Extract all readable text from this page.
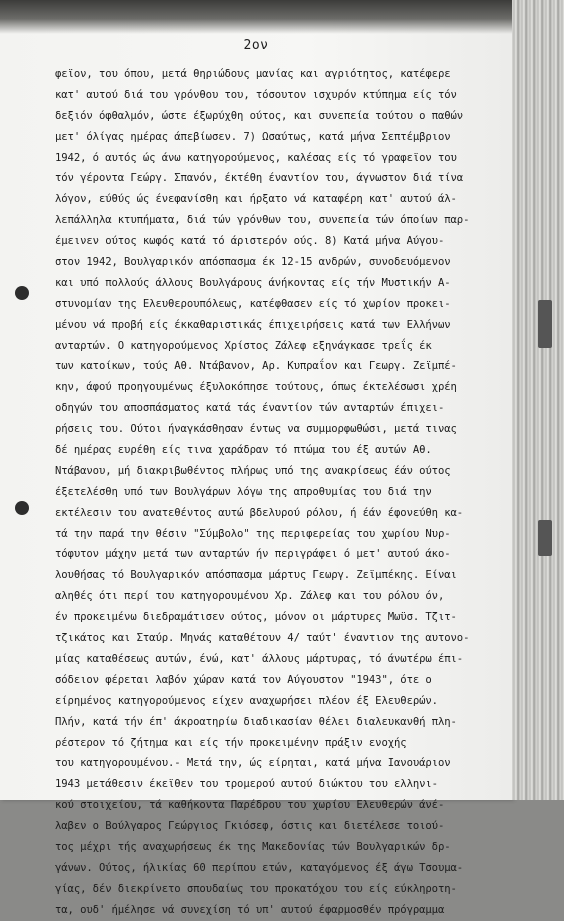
2ον
φεϊον, του όπου, μετά θηριώδους μανίας και αγριότητος, κατέφερε
κατ' αυτού διά του γρόνθου του, τόσουτον ισχυρόν κτύπημα είς τόν
δεξιόν όφθαλμόν, ώστε έξωρύχθη ούτος, και συνεπεία τούτου ο παθών
μετ' όλίγας ημέρας άπεβίωσεν. 7) Ωσαύτως, κατά μήνα Σεπτέμβριον
1942, ό αυτός ώς άνω κατηγορούμενος, καλέσας είς τό γραφεϊον του
τόν γέροντα Γεώργ. Σπανόν, έκτέθη έναντίον του, άγνωστον διά τίνα
λόγον, εύθύς ώς ένεφανίσθη και ήρξατο νά καταφέρη κατ' αυτού άλ-
λεπάλληλα κτυπήματα, διά τών γρόνθων του, συνεπεία τών όποίων παρ-
έμεινεν ούτος κωφός κατά τό άριστερόν ούς. 8) Κατά μήνα Αύγου-
στον 1942, Βουλγαρικόν απόσπασμα έκ 12-15 ανδρών, συνοδευόμενον
και υπό πολλούς άλλους Βουλγάρους άνήκοντας είς τήν Μυστικήν Α-
στυνομίαν της Ελευθερουπόλεως, κατέφθασεν είς τό χωρίον προκει-
μένου νά προβή είς έκκαθαριστικάς έπιχειρήσεις κατά των Ελλήνων
ανταρτών. Ο κατηγορούμενος Χρίστος Ζάλεφ εξηνάγκασε τρεΐς έκ
των κατοίκων, τούς Αθ. Ντάβανον, Αρ. Κυπραΐον και Γεωργ. Ζεϊμπέ-
κην, άφού προηγουμένως έξυλοκόπησε τούτους, όπως έκτελέσωσι χρέη
οδηγών του αποσπάσματος κατά τάς έναντίον τών ανταρτών έπιχει-
ρήσεις του. Ούτοι ήναγκάσθησαν έντως να συμμορφωθώσι, μετά τινας
δέ ημέρας ευρέθη είς τινα χαράδραν τό πτώμα του έξ αυτών Αθ.
Ντάβανου, μή διακριβωθέντος πλήρως υπό της ανακρίσεως έάν ούτος
έξετελέσθη υπό των Βουλγάρων λόγω της απροθυμίας του διά την
εκτέλεσιν του ανατεθέντος αυτώ βδελυρού ρόλου, ή έάν έφονεύθη κα-
τά την παρά την θέσιν "Σύμβολο" της περιφερείας του χωρίου Νυρ-
τόφυτον μάχην μετά των ανταρτών ήν περιγράφει ό μετ' αυτού άκο-
λουθήσας τό Βουλγαρικόν απόσπασμα μάρτυς Γεωργ. Ζεϊμπέκης. Είναι
αληθές ότι περί του κατηγορουμένου Χρ. Ζάλεφ και του ρόλου όν,
έν προκειμένω διεδραμάτισεν ούτος, μόνον οι μάρτυρες Μωϋσ. Τζιτ-
τζικάτος και Σταύρ. Μηνάς καταθέτουν 4/ ταύτ' έναντιον της αυτονο-
μίας καταθέσεως αυτών, ένώ, κατ' άλλους μάρτυρας, τό άνωτέρω έπι-
σόδειον φέρεται λαβόν χώραν κατά τον Αύγουστον "1943", ότε ο
είρημένος κατηγορούμενος είχεν αναχωρήσει πλέον έξ Ελευθερών.
Πλήν, κατά τήν έπ' άκροατηρίω διαδικασίαν θέλει διαλευκανθή πλη-
ρέστερον τό ζήτημα και είς τήν προκειμένην πράξιν ενοχής
του κατηγορουμένου.- Μετά την, ώς είρηται, κατά μήνα Ιανουάριον
1943 μετάθεσιν έκεϊθεν του τρομερού αυτού διώκτου του ελληνι-
κού στοιχείου, τά καθήκοντα Παρέδρου του χωρίου Ελευθερών άνέ-
λαβεν ο Βούλγαρος Γεώργιος Γκιόσεφ, όστις και διετέλεσε τοιού-
τος μέχρι τής αναχωρήσεως έκ της Μακεδονίας τών Βουλγαρικών δρ-
γάνων. Ούτος, ήλικίας 60 περίπου ετών, καταγόμενος έξ άγω Τσουμα-
γίας, δέν διεκρίνετο σπουδαίως του προκατόχου του είς εύκληροτη-
τα, ουδ' ήμέλησε νά συνεχίση τό υπ' αυτού έφαρμοσθέν πρόγραμμα
